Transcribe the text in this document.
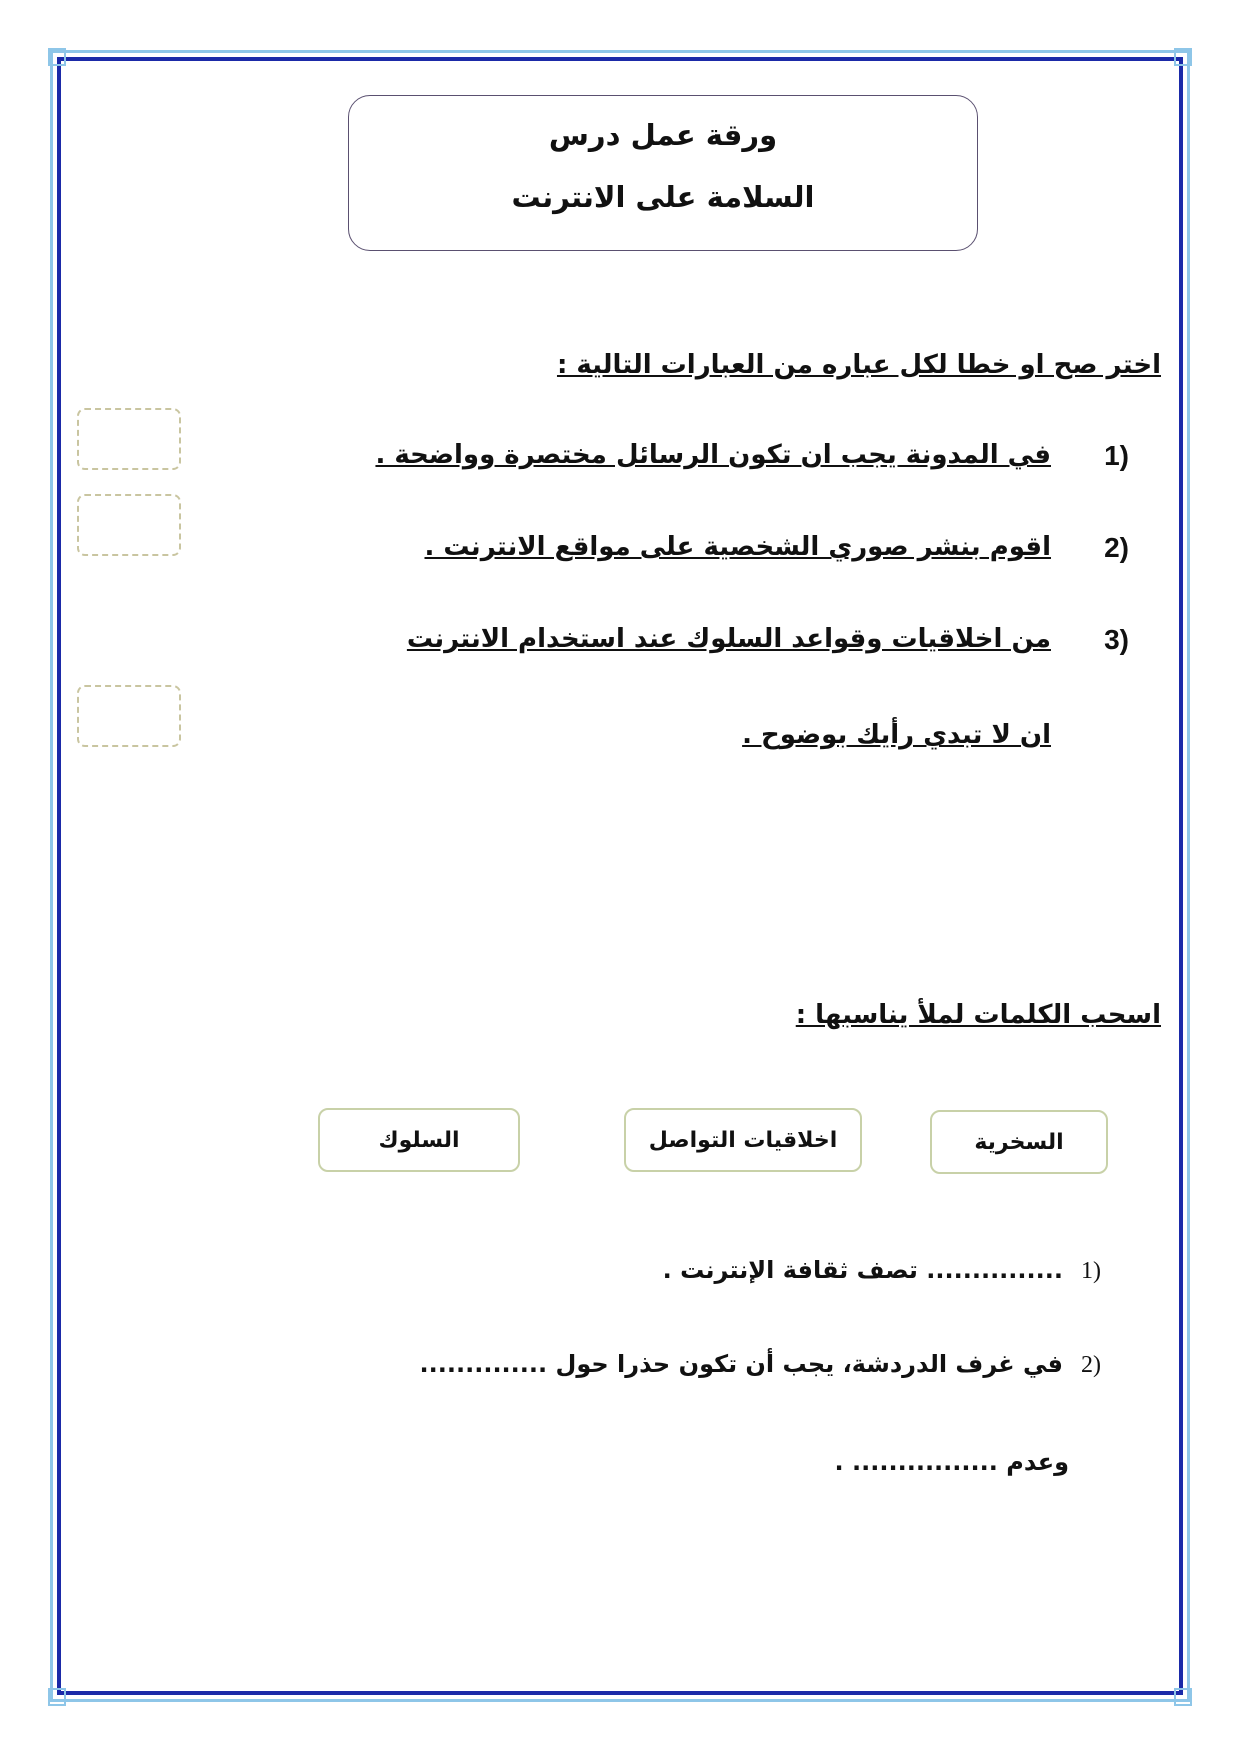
ورقة عمل درس
السلامة على الانترنت
اختر صح او خطا لكل عباره من العبارات التالية :
1)
في المدونة يجب ان تكون الرسائل مختصرة وواضحة .
2)
اقوم بنشر صوري الشخصية على مواقع الانترنت .
3)
من اخلاقيات وقواعد السلوك عند استخدام الانترنت
ان لا تبدي رأيك بوضوح .
اسحب الكلمات لملأ يناسبها :
السخرية
اخلاقيات التواصل
السلوك
1)
............... تصف ثقافة الإنترنت .
2)
في غرف الدردشة، يجب أن تكون حذرا حول ..............
وعدم ................ .
